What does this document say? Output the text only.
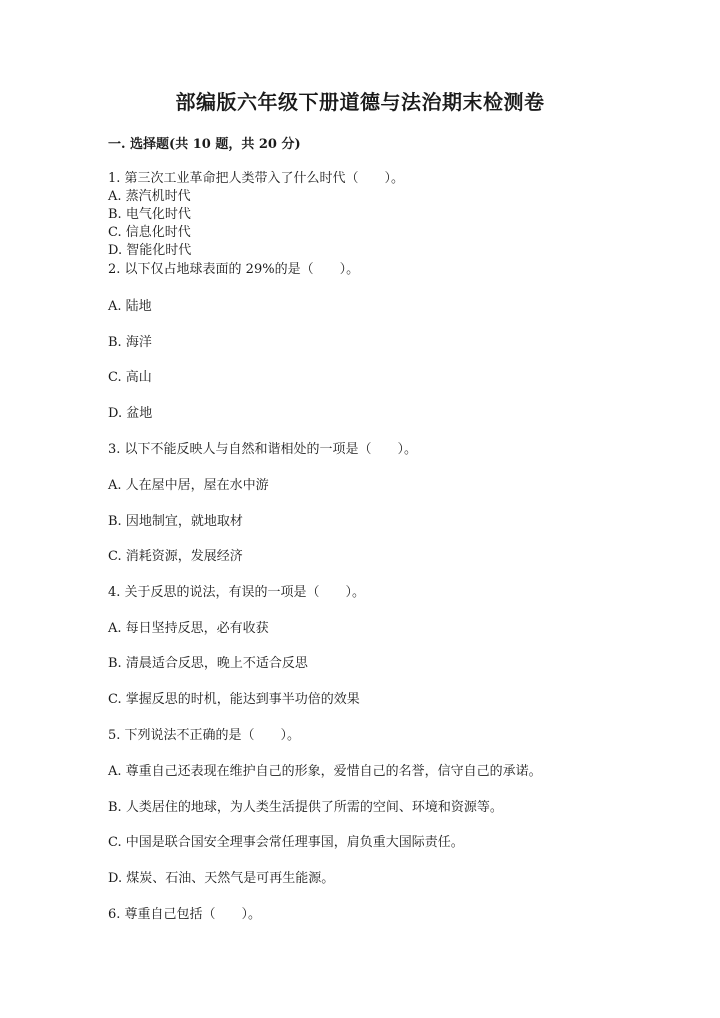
部编版六年级下册道德与法治期末检测卷
一. 选择题(共 10 题，共 20 分)

1. 第三次工业革命把人类带入了什么时代（　　）。

A. 蒸汽机时代

B. 电气化时代

C. 信息化时代

D. 智能化时代

2. 以下仅占地球表面的 29%的是（　　）。

A. 陆地

B. 海洋

C. 高山

D. 盆地

3. 以下不能反映人与自然和谐相处的一项是（　　）。

A. 人在屋中居，屋在水中游

B. 因地制宜，就地取材

C. 消耗资源，发展经济

4. 关于反思的说法，有误的一项是（　　）。

A. 每日坚持反思，必有收获

B. 清晨适合反思，晚上不适合反思

C. 掌握反思的时机，能达到事半功倍的效果

5. 下列说法不正确的是（　　）。

A. 尊重自己还表现在维护自己的形象，爱惜自己的名誉，信守自己的承诺。

B. 人类居住的地球，为人类生活提供了所需的空间、环境和资源等。

C. 中国是联合国安全理事会常任理事国，肩负重大国际责任。

D. 煤炭、石油、天然气是可再生能源。

6. 尊重自己包括（　　）。
